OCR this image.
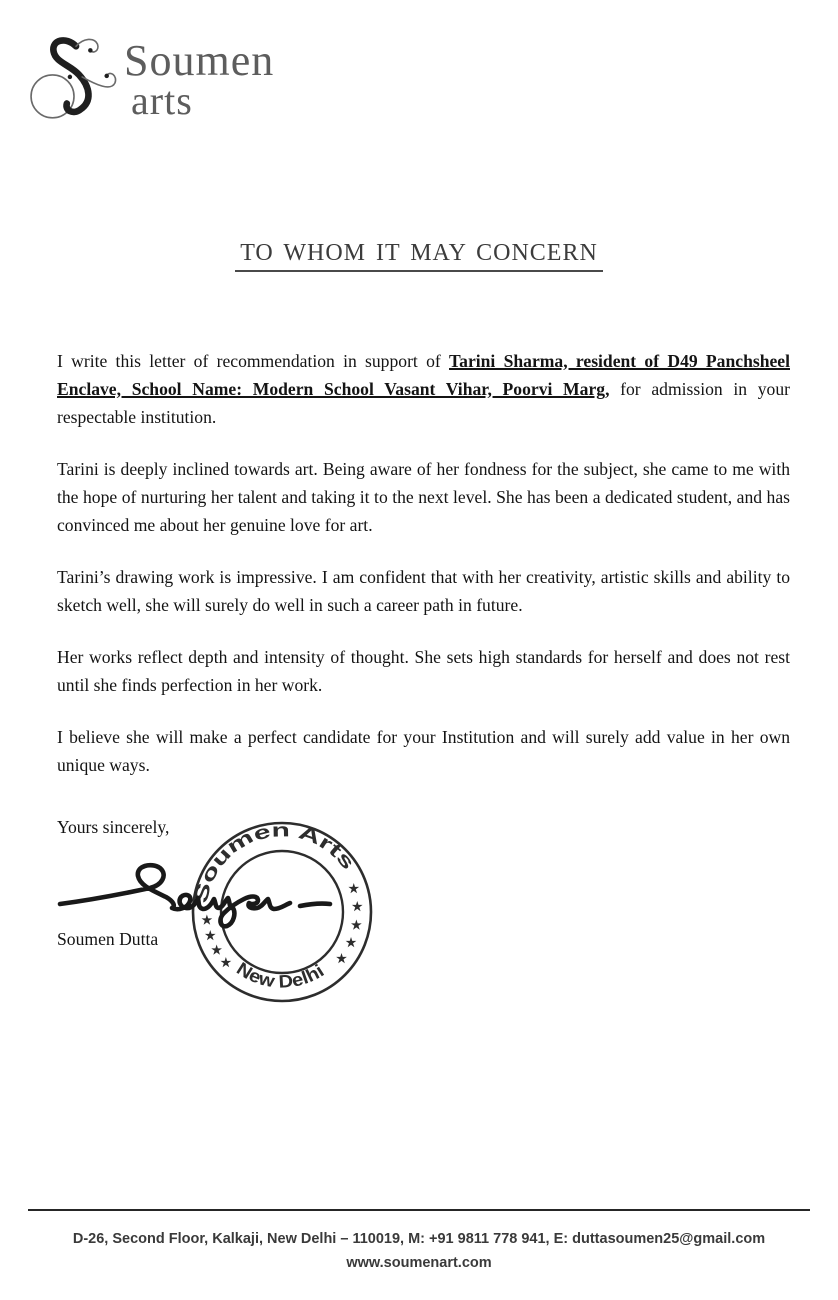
Soumen
arts
TO WHOM IT MAY CONCERN

I write this letter of recommendation in support of Tarini Sharma, resident of D49 Panchsheel Enclave, School Name: Modern School Vasant Vihar, Poorvi Marg, for admission in your respectable institution.

Tarini is deeply inclined towards art. Being aware of her fondness for the subject, she came to me with the hope of nurturing her talent and taking it to the next level. She has been a dedicated student, and has convinced me about her genuine love for art.

Tarini’s drawing work is impressive. I am confident that with her creativity, artistic skills and ability to sketch well, she will surely do well in such a career path in future.

Her works reflect depth and intensity of thought. She sets high standards for herself and does not rest until she finds perfection in her work.

I believe she will make a perfect candidate for your Institution and will surely add value in her own unique ways.

Yours sincerely,
Soumen Arts
New Delhi
★
★
★
★
★
★
★
★
★
Soumen Dutta
D-26, Second Floor, Kalkaji, New Delhi – 110019, M: +91 9811 778 941, E: duttasoumen25@gmail.com
www.soumenart.com
